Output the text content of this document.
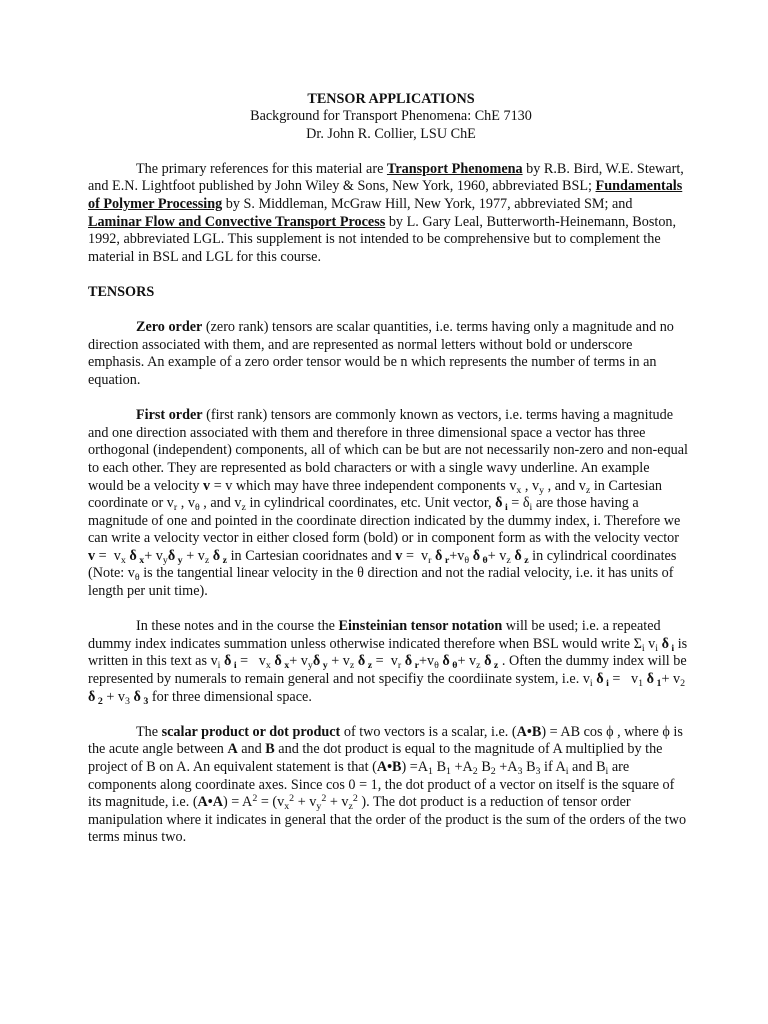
TENSOR APPLICATIONS
Background for Transport Phenomena: ChE 7130
Dr. John R. Collier, LSU ChE

The primary references for this material are Transport Phenomena by R.B. Bird, W.E. Stewart, and E.N. Lightfoot published by John Wiley & Sons, New York, 1960, abbreviated BSL; Fundamentals of Polymer Processing by S. Middleman, McGraw Hill, New York, 1977, abbreviated SM; and Laminar Flow and Convective Transport Process by L. Gary Leal, Butterworth-Heinemann, Boston, 1992, abbreviated LGL. This supplement is not intended to be comprehensive but to complement the material in BSL and LGL for this course.

TENSORS

Zero order (zero rank) tensors are scalar quantities, i.e. terms having only a magnitude and no direction associated with them, and are represented as normal letters without bold or underscore emphasis. An example of a zero order tensor would be n which represents the number of terms in an equation.

First order (first rank) tensors are commonly known as vectors, i.e. terms having a magnitude and one direction associated with them and therefore in three dimensional space a vector has three orthogonal (independent) components, all of which can be but are not necessarily non-zero and non-equal to each other. They are represented as bold characters or with a single wavy underline. An example would be a velocity v = v which may have three independent components $v_x$ , $v_y$ , and $v_z$ in Cartesian coordinate or $v_r$ , $v_\theta$ , and $v_z$ in cylindrical coordinates, etc. Unit vector, δ $_i = \delta_i$ are those having a magnitude of one and pointed in the coordinate direction indicated by the dummy index, i. Therefore we can write a velocity vector in either closed form (bold) or in component form as with the velocity vector $v = v_x$ δ $_x+ v_y\delta$ $_y + v_z$ δ $_z$ in Cartesian cooridnates and $v = v_r$ δ $_r+v_\theta$ δ $_\theta+ v_z$ δ $_z$ in cylindrical coordinates (Note: $v_\theta$ is the tangential linear velocity in the θ direction and not the radial velocity, i.e. it has units of length per unit time).

In these notes and in the course the Einsteinian tensor notation will be used; i.e. a repeated dummy index indicates summation unless otherwise indicated therefore when BSL would write $\Sigma_i$ $v_i$ δ $_i$ is written in this text as $v_i$ δ $_i = v_x$ δ $_x+ v_y\delta$ $_y + v_z$ δ $_z = v_r$ δ $_r+v_\theta$ δ $_\theta+ v_z$ δ $_z$ . Often the dummy index will be represented by numerals to remain general and not specifiy the coordiinate system, i.e. $v_i$ δ $_i = v_1$ δ $_1+ v_2$ δ $_2 + v_3$ δ $_3$ for three dimensional space.

The scalar product or dot product of two vectors is a scalar, i.e. (A•B) = AB cos ϕ , where ϕ is the acute angle between A and B and the dot product is equal to the magnitude of A multiplied by the project of B on A. An equivalent statement is that (A•B) $=A_1$ $B_1 +A_2$ $B_2 +A_3$ $B_3$ if $A_i$ and $B_i$ are components along coordinate axes. Since cos 0 = 1, the dot product of a vector on itself is the square of its magnitude, i.e. (A•A) = $A^2 = (v_x^2 + v_y^2 + v_z^2$ ). The dot product is a reduction of tensor order manipulation where it indicates in general that the order of the product is the sum of the orders of the two terms minus two.
